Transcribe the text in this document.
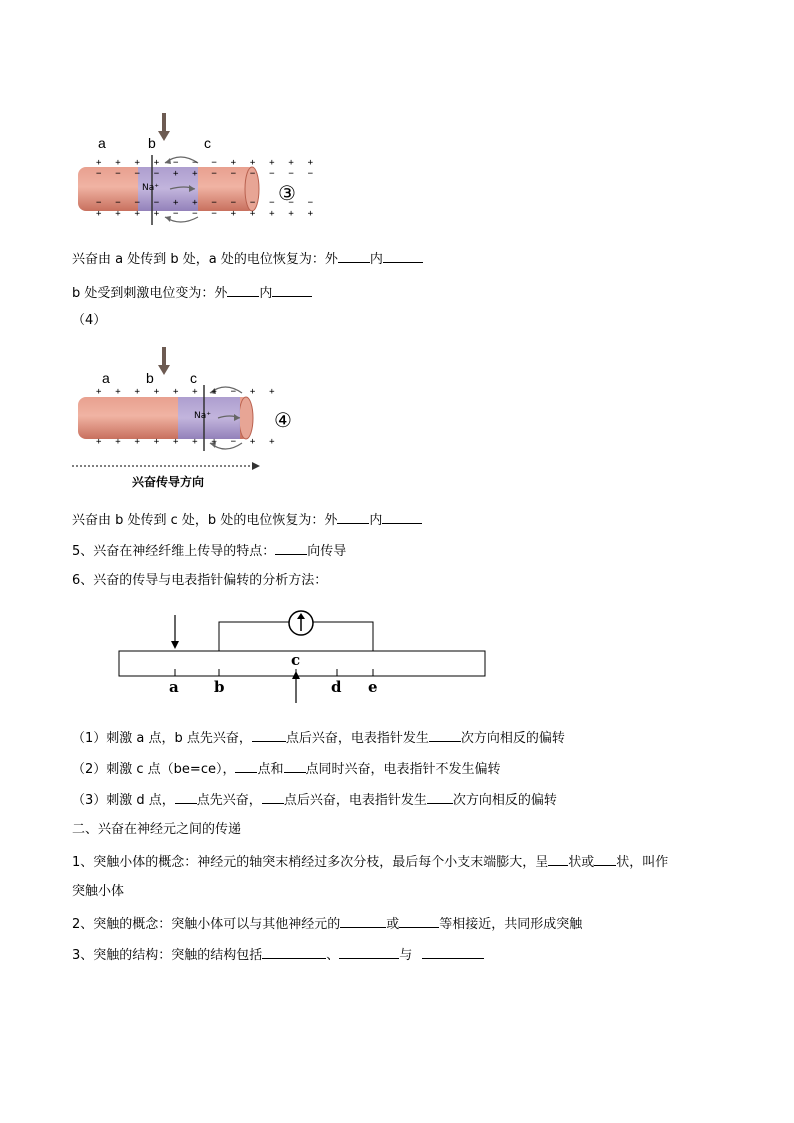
a	b	c
+ + + + − − − + + + + +
− − − − + + − − − − − −
− − − − + + − − − − − −
+ + + + − − − + + + + +
Na⁺	③
兴奋由 a 处传到 b 处，a 处的电位恢复为：外 内
b 处受到刺激电位变为：外 内
（4）
a	b	c
+ + + + + + + − + +
+ + + + + + + − + +
Na⁺	④
兴奋传导方向
兴奋由 b 处传到 c 处，b 处的电位恢复为：外 内
5、兴奋在神经纤维上传导的特点： 向传导
6、兴奋的传导与电表指针偏转的分析方法：
a b
c
d e
（1）刺激 a 点，b 点先兴奋，	点后兴奋，电表指针发生 次方向相反的偏转
（2）刺激 c 点（be=ce）， 点和 点同时兴奋，电表指针不发生偏转
（3）刺激 d 点， 点先兴奋， 点后兴奋，电表指针发生 次方向相反的偏转
二、兴奋在神经元之间的传递
1、突触小体的概念：神经元的轴突末梢经过多次分枝，最后每个小支末端膨大，呈 状或 状，叫作
突触小体
2、突触的概念：突触小体可以与其他神经元的	或	等相接近，共同形成突触
3、突触的结构：突触的结构包括	、	与
